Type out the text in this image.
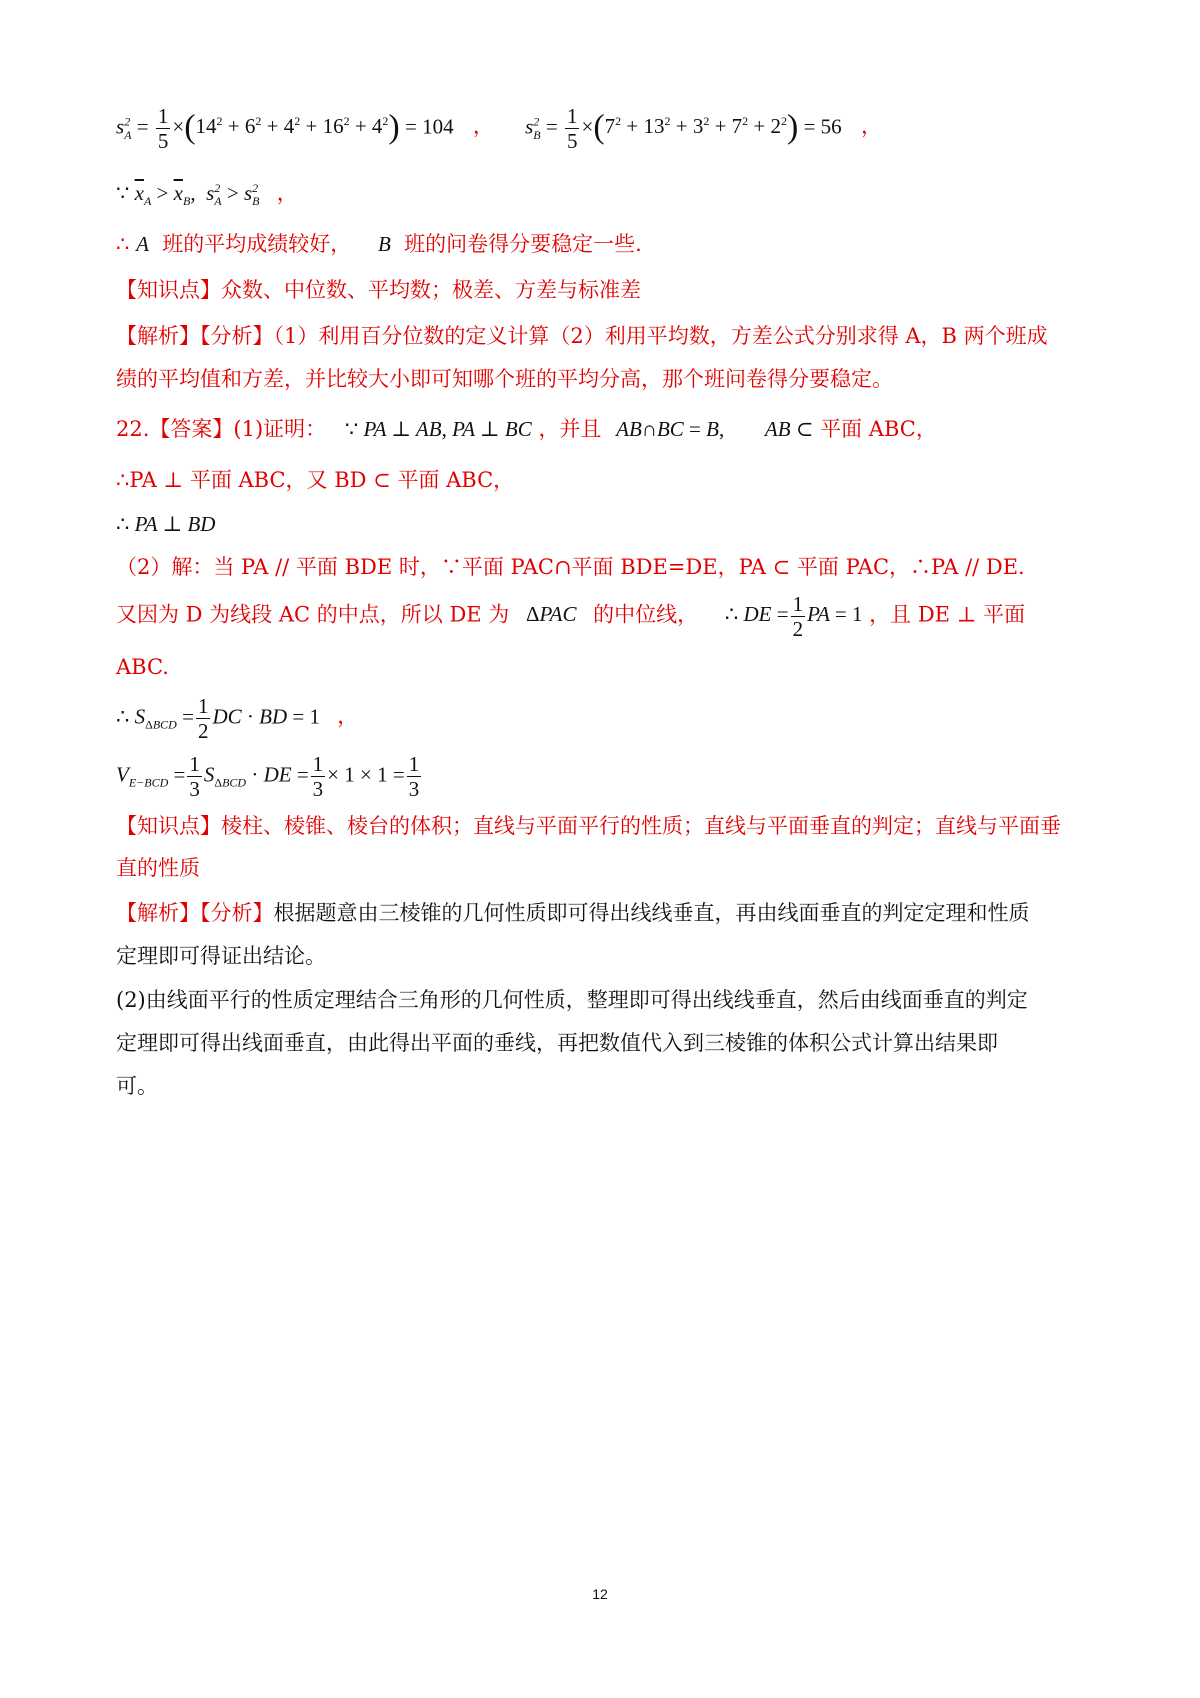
$s^2_A = \frac{1}{5} \times(14^2 + 6^2 + 4^2 + 16^2 + 4^2) = 104$ ， $s^2_B = \frac{1}{5} \times(7^2 + 13^2 + 3^2 + 7^2 + 2^2) = 56$ ，
∵ $\overline{x}_A > \overline{x}_B$,  $s^2_A > s^2_B$ ，
∴ A 班的平均成绩较好， B 班的问卷得分要稳定一些.
【知识点】众数、中位数、平均数；极差、方差与标准差
【解析】【分析】（1）利用百分位数的定义计算（2）利用平均数，方差公式分别求得 A，B 两个班成
绩的平均值和方差，并比较大小即可知哪个班的平均分高，那个班问卷得分要稳定。
22.【答案】(1)证明： ∵ PA ⊥ AB, PA ⊥ BC ，并且 AB∩BC = B, AB ⊂ 平面 ABC，
∴PA ⊥ 平面 ABC，又 BD ⊂ 平面 ABC，
∴ PA ⊥ BD
（2）解：当 PA // 平面 BDE 时，∵平面 PAC∩平面 BDE=DE，PA ⊂ 平面 PAC，∴PA // DE.
又因为 D 为线段 AC 的中点，所以 DE 为 ΔPAC 的中位线， ∴ DE = $\frac{1}{2}$ PA = 1 ，且 DE ⊥ 平面
ABC.
∴ $S_{\Delta BCD} = \frac{1}{2}$ DC · BD = 1 ，
$V_{E-BCD} = \frac{1}{3} S_{\Delta BCD}$ · DE = $\frac{1}{3} \times 1 \times 1 = \frac{1}{3}$
【知识点】棱柱、棱锥、棱台的体积；直线与平面平行的性质；直线与平面垂直的判定；直线与平面垂
直的性质
【解析】【分析】根据题意由三棱锥的几何性质即可得出线线垂直，再由线面垂直的判定定理和性质
定理即可得证出结论。
(2)由线面平行的性质定理结合三角形的几何性质，整理即可得出线线垂直，然后由线面垂直的判定
定理即可得出线面垂直，由此得出平面的垂线，再把数值代入到三棱锥的体积公式计算出结果即
可。
12
